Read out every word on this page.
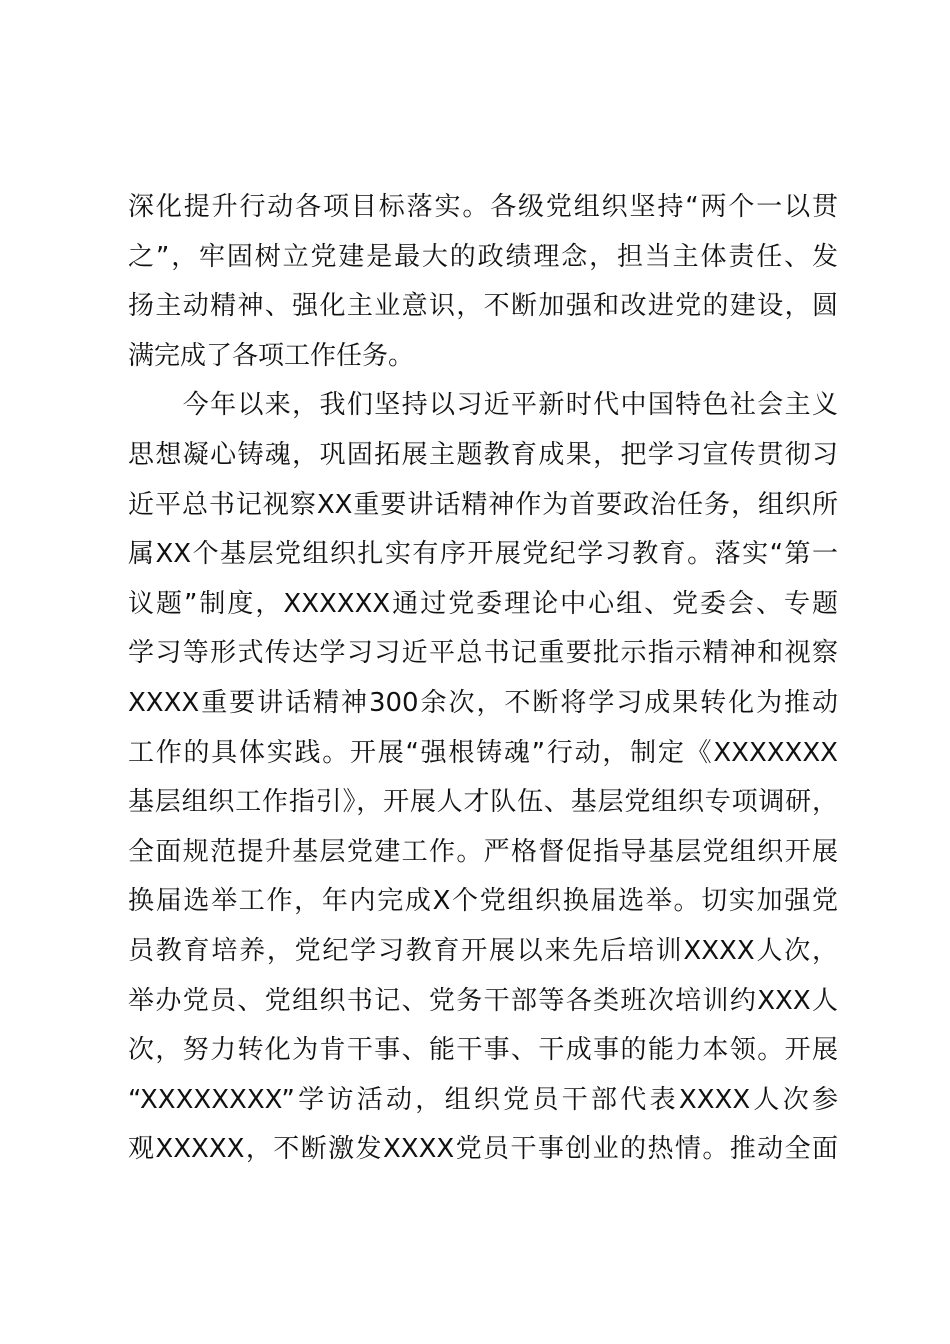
深化提升行动各项目标落实。各级党组织坚持“两个一以贯
之”，牢固树立党建是最大的政绩理念，担当主体责任、发
扬主动精神、强化主业意识，不断加强和改进党的建设，圆
满完成了各项工作任务。
　　今年以来，我们坚持以习近平新时代中国特色社会主义
思想凝心铸魂，巩固拓展主题教育成果，把学习宣传贯彻习
近平总书记视察XX重要讲话精神作为首要政治任务，组织所
属XX个基层党组织扎实有序开展党纪学习教育。落实“第一
议题”制度，XXXXXX通过党委理论中心组、党委会、专题
学习等形式传达学习习近平总书记重要批示指示精神和视察
XXXX重要讲话精神300余次，不断将学习成果转化为推动
工作的具体实践。开展“强根铸魂”行动，制定《XXXXXXX
基层组织工作指引》，开展人才队伍、基层党组织专项调研，
全面规范提升基层党建工作。严格督促指导基层党组织开展
换届选举工作，年内完成X个党组织换届选举。切实加强党
员教育培养，党纪学习教育开展以来先后培训XXXX人次，
举办党员、党组织书记、党务干部等各类班次培训约XXX人
次，努力转化为肯干事、能干事、干成事的能力本领。开展
“XXXXXXXX”学访活动，组织党员干部代表XXXX人次参
观XXXXX，不断激发XXXX党员干事创业的热情。推动全面
